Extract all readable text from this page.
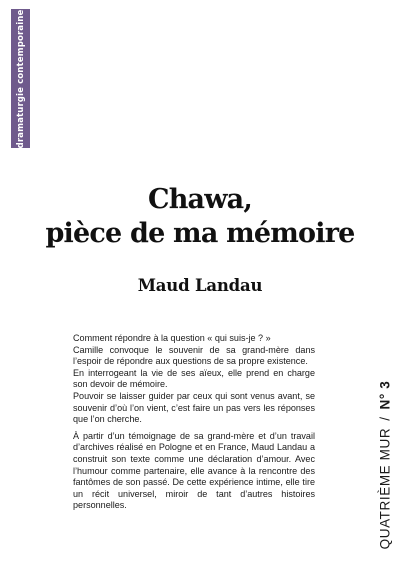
dramaturgie contemporaine
Chawa,
pièce de ma mémoire
Maud Landau

Comment répondre à la question « qui suis-je ? »

Camille convoque le souvenir de sa grand-mère dans l’espoir de répondre aux questions de sa propre existence.

En interrogeant la vie de ses aïeux, elle prend en charge son devoir de mémoire.

Pouvoir se laisser guider par ceux qui sont venus avant, se souvenir d’où l’on vient, c’est faire un pas vers les réponses que l’on cherche.

À partir d’un témoignage de sa grand-mère et d’un travail d’archives réalisé en Pologne et en France, Maud Landau a construit son texte comme une déclaration d’amour. Avec l’humour comme partenaire, elle avance à la rencontre des fantômes de son passé. De cette expérience intime, elle tire un récit universel, miroir de tant d’autres histoires personnelles.	QUATRIÈME MUR/N° 3
